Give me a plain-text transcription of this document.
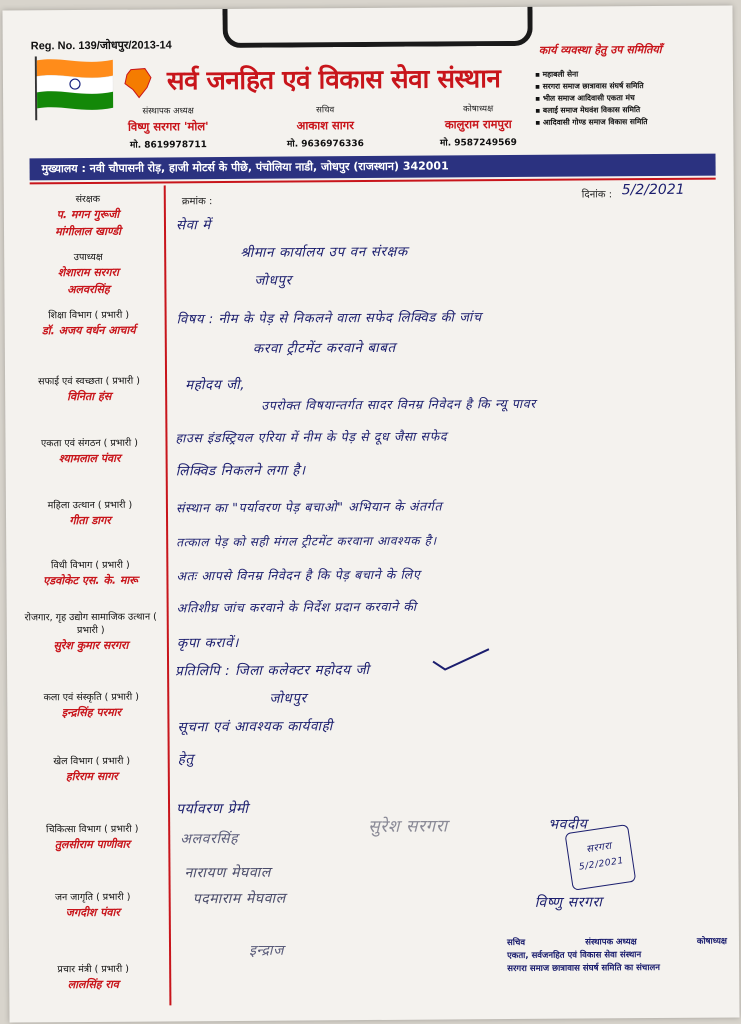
Reg. No. 139/जोधपुर/2013-14
सर्व जनहित एवं विकास सेवा संस्थान
कार्य व्यवस्था हेतु उप समितियाँ
▪ महाबली सेना
▪ सरगरा समाज छात्रावास संघर्ष समिति
▪ भील समाज आदिवासी एकता मंच
▪ बलाई समाज मेघवंश विकास समिति
▪ आदिवासी गोण्ड समाज विकास समिति
संस्थापक अध्यक्ष
विष्णु सरगरा 'मोल'
मो. 8619978711
सचिव
आकाश सागर
मो. 9636976336
कोषाध्यक्ष
कालुराम रामपुरा
मो. 9587249569
मुख्यालय : नवी चौपासनी रोड़, हाजी मोटर्स के पीछे, पंचोलिया नाडी, जोधपुर (राजस्थान) 342001
संरक्षक
प. मगन गुरूजी
मांगीलाल खाण्डी
उपाध्यक्ष
शेशाराम सरगरा
अलवरसिंह
शिक्षा विभाग ( प्रभारी )
डॉ. अजय वर्धन आचार्य
सफाई एवं स्वच्छता ( प्रभारी )
विनिता हंस
एकता एवं संगठन ( प्रभारी )
श्यामलाल पंवार
महिला उत्थान ( प्रभारी )
गीता डागर
विधी विभाग ( प्रभारी )
एडवोकेट एस. के. मारू
रोजगार, गृह उद्योग सामाजिक उत्थान ( प्रभारी )
सुरेश कुमार सरगरा
कला एवं संस्कृति ( प्रभारी )
इन्द्रसिंह परमार
खेल विभाग ( प्रभारी )
हरिराम सागर
चिकित्सा विभाग ( प्रभारी )
तुलसीराम पाणीवार
जन जागृति ( प्रभारी )
जगदीश पंवार
प्रचार मंत्री ( प्रभारी )
लालसिंह राव
क्रमांक :
दिनांक : 5/2/2021
सेवा में
श्रीमान कार्यालय उप वन संरक्षक
जोधपुर
विषय : नीम के पेड़ से निकलने वाला सफेद लिक्विड की जांच
करवा ट्रीटमेंट करवाने बाबत
महोदय जी,
उपरोक्त विषयान्तर्गत सादर विनम्र निवेदन है कि न्यू पावर
हाउस इंडस्ट्रियल एरिया में नीम के पेड़ से दूध जैसा सफेद
लिक्विड निकलने लगा है।
संस्थान का "पर्यावरण पेड़ बचाओ" अभियान के अंतर्गत
तत्काल पेड़ को सही मंगल ट्रीटमेंट करवाना आवश्यक है।
अतः आपसे विनम्र निवेदन है कि पेड़ बचाने के लिए
अतिशीघ्र जांच करवाने के निर्देश प्रदान करवाने की
कृपा करावें।
प्रतिलिपि : जिला कलेक्टर महोदय जी
जोधपुर
सूचना एवं आवश्यक कार्यवाही
हेतु
पर्यावरण प्रेमी
अलवरसिंह
सुरेश सरगरा	भवदीय
नारायण मेघवाल
पदमाराम मेघवाल	विष्णु सरगरा
इन्द्राज
सरगरा
5/2/2021
सचिव	संस्थापक अध्यक्ष	कोषाध्यक्ष
एकता, सर्वजनहित एवं विकास सेवा संस्थान
सरगरा समाज छात्रावास संघर्ष समिति का संचालन
